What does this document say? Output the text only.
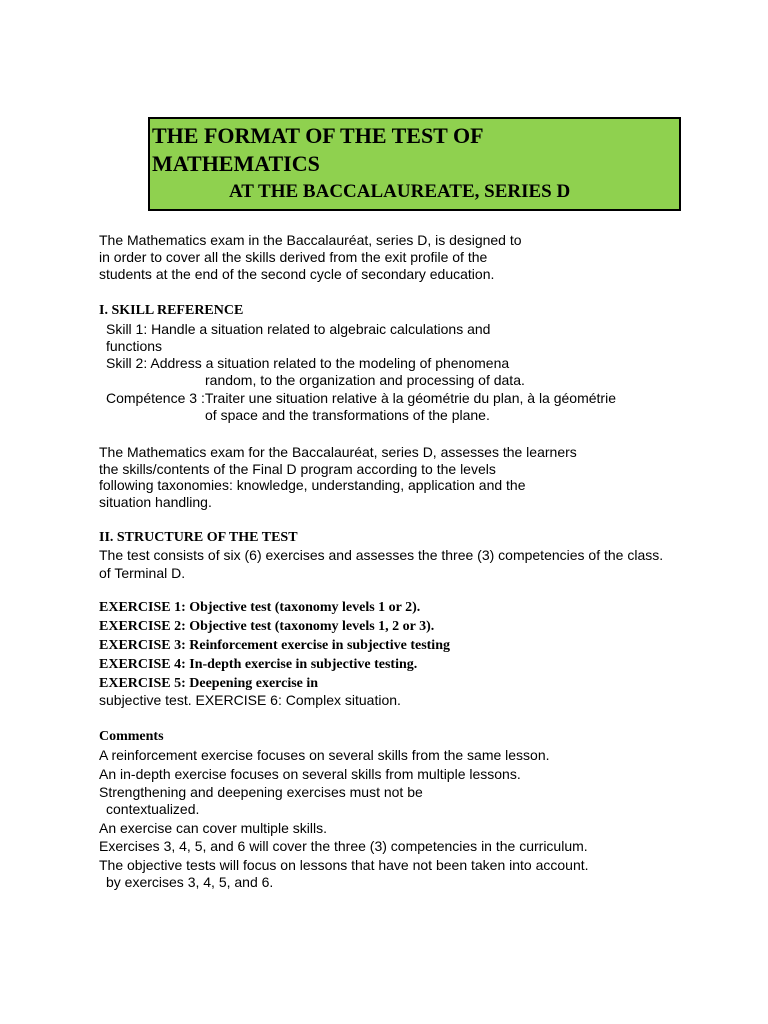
THE FORMAT OF THE TEST OF
MATHEMATICS
AT THE BACCALAUREATE, SERIES D
The Mathematics exam in the Baccalauréat, series D, is designed to
in order to cover all the skills derived from the exit profile of the
students at the end of the second cycle of secondary education.
I. SKILL REFERENCE
Skill 1: Handle a situation related to algebraic calculations and
functions
Skill 2: Address a situation related to the modeling of phenomena
random, to the organization and processing of data.
Compétence 3 :Traiter une situation relative à la géométrie du plan, à la géométrie
of space and the transformations of the plane.
The Mathematics exam for the Baccalauréat, series D, assesses the learners
the skills/contents of the Final D program according to the levels
following taxonomies: knowledge, understanding, application and the
situation handling.
II. STRUCTURE OF THE TEST
The test consists of six (6) exercises and assesses the three (3) competencies of the class.
of Terminal D.
EXERCISE 1: Objective test (taxonomy levels 1 or 2).
EXERCISE 2: Objective test (taxonomy levels 1, 2 or 3).
EXERCISE 3: Reinforcement exercise in subjective testing
EXERCISE 4: In-depth exercise in subjective testing.
EXERCISE 5: Deepening exercise in
subjective test. EXERCISE 6: Complex situation.
Comments
A reinforcement exercise focuses on several skills from the same lesson.
An in-depth exercise focuses on several skills from multiple lessons.
Strengthening and deepening exercises must not be
contextualized.
An exercise can cover multiple skills.
Exercises 3, 4, 5, and 6 will cover the three (3) competencies in the curriculum.
The objective tests will focus on lessons that have not been taken into account.
by exercises 3, 4, 5, and 6.
